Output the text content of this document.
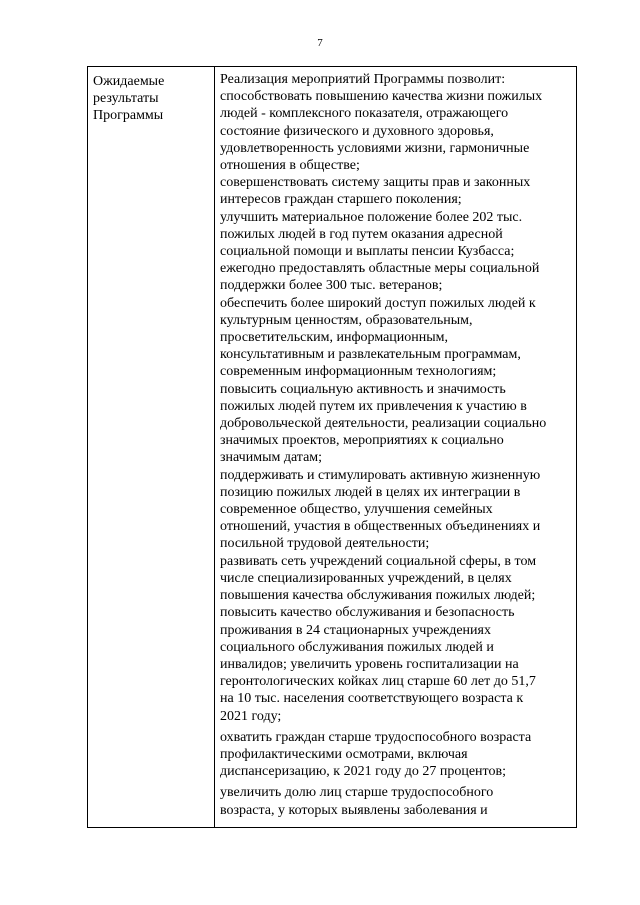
7
Ожидаемые
результаты
Программы
Реализация мероприятий Программы позволит:
способствовать повышению качества жизни пожилых
людей - комплексного показателя, отражающего
состояние физического и духовного здоровья,
удовлетворенность условиями жизни, гармоничные
отношения в обществе;
совершенствовать систему защиты прав и законных
интересов граждан старшего поколения;
улучшить материальное положение более 202 тыс.
пожилых людей в год путем оказания адресной
социальной помощи и выплаты пенсии Кузбасса;
ежегодно предоставлять областные меры социальной
поддержки более 300 тыс. ветеранов;
обеспечить более широкий доступ пожилых людей к
культурным ценностям, образовательным,
просветительским, информационным,
консультативным и развлекательным программам,
современным информационным технологиям;
повысить социальную активность и значимость
пожилых людей путем их привлечения к участию в
добровольческой деятельности, реализации социально
значимых проектов, мероприятиях к социально
значимым датам;
поддерживать и стимулировать активную жизненную
позицию пожилых людей в целях их интеграции в
современное общество, улучшения семейных
отношений, участия в общественных объединениях и
посильной трудовой деятельности;
развивать сеть учреждений социальной сферы, в том
числе специализированных учреждений, в целях
повышения качества обслуживания пожилых людей;
повысить качество обслуживания и безопасность
проживания в 24 стационарных учреждениях
социального обслуживания пожилых людей и
инвалидов; увеличить уровень госпитализации на
геронтологических койках лиц старше 60 лет до 51,7
на 10 тыс. населения соответствующего возраста к
2021 году;
охватить граждан старше трудоспособного возраста
профилактическими осмотрами, включая
диспансеризацию, к 2021 году до 27 процентов;
увеличить долю лиц старше трудоспособного
возраста, у которых выявлены заболевания и
